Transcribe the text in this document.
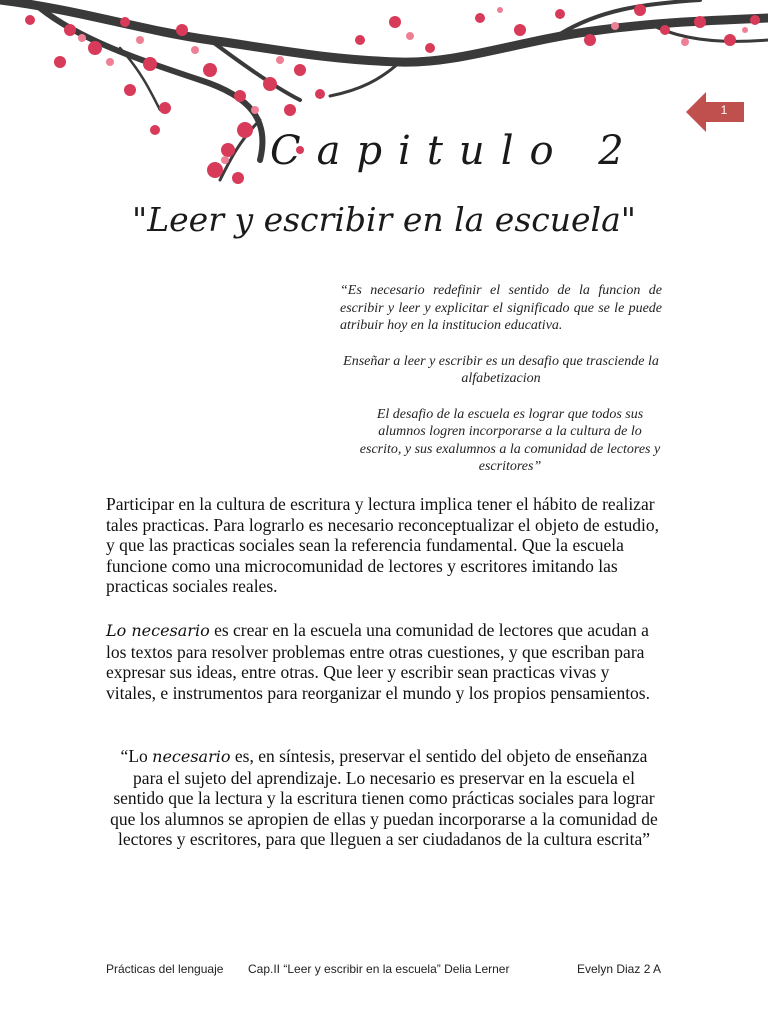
1
Capitulo 2
"Leer y escribir en la escuela"

“Es necesario redefinir el sentido de la funcion de escribir y leer y explicitar el significado que se le puede atribuir hoy en la institucion educativa.

Enseñar a leer y escribir es un desafio que trasciende la alfabetizacion

El desafio de la escuela es lograr que todos sus alumnos logren incorporarse a la cultura de lo escrito, y sus exalumnos a la comunidad de lectores y escritores”

Participar en la cultura de escritura y lectura implica tener el hábito de realizar tales practicas. Para lograrlo es necesario reconceptualizar el objeto de estudio, y que las practicas sociales sean la referencia fundamental. Que la escuela funcione como una microcomunidad de lectores y escritores imitando las practicas sociales reales.

Lo necesario es crear en la escuela una comunidad de lectores que acudan a los textos para resolver problemas entre otras cuestiones, y que escriban para expresar sus ideas, entre otras. Que leer y escribir sean practicas vivas y vitales, e instrumentos para reorganizar el mundo y los propios pensamientos.

“Lo necesario es, en síntesis, preservar el sentido del objeto de enseñanza para el sujeto del aprendizaje. Lo necesario es preservar en la escuela el sentido que la lectura y la escritura tienen como prácticas sociales para lograr que los alumnos se apropien de ellas y puedan incorporarse a la comunidad de lectores y escritores, para que lleguen a ser ciudadanos de la cultura escrita”

Prácticas del lenguaje Cap.II “Leer y escribir en la escuela” Delia Lerner	Evelyn Diaz 2 A
